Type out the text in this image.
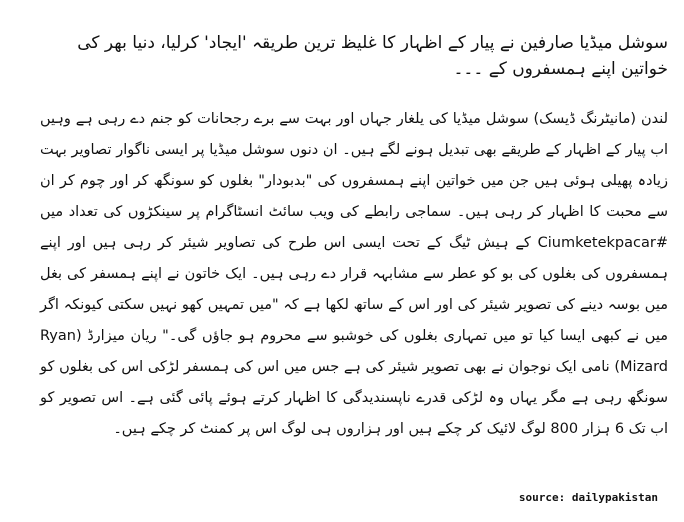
سوشل میڈیا صارفین نے پیار کے اظہار کا غلیظ ترین طریقہ 'ایجاد' کرلیا، دنیا بھر کی خواتین اپنے ہمسفروں کے ۔۔۔

لندن (مانیٹرنگ ڈیسک) سوشل میڈیا کی یلغار جہاں اور بہت سے برے رجحانات کو جنم دے رہی ہے وہیں اب پیار کے اظہار کے طریقے بھی تبدیل ہونے لگے ہیں۔ ان دنوں سوشل میڈیا پر ایسی ناگوار تصاویر بہت زیادہ پھیلی ہوئی ہیں جن میں خواتین اپنے ہمسفروں کی "بدبودار" بغلوں کو سونگھ کر اور چوم کر ان سے محبت کا اظہار کر رہی ہیں۔ سماجی رابطے کی ویب سائٹ انسٹاگرام پر سینکڑوں کی تعداد میں #Ciumketekpacar کے ہیش ٹیگ کے تحت ایسی اس طرح کی تصاویر شیئر کر رہی ہیں اور اپنے ہمسفروں کی بغلوں کی بو کو عطر سے مشابہہ قرار دے رہی ہیں۔ ایک خاتون نے اپنے ہمسفر کی بغل میں بوسہ دینے کی تصویر شیئر کی اور اس کے ساتھ لکھا ہے کہ "میں تمہیں کھو نہیں سکتی کیونکہ اگر میں نے کبھی ایسا کیا تو میں تمہاری بغلوں کی خوشبو سے محروم ہو جاؤں گی۔" ریان میزارڈ (Ryan Mizard) نامی ایک نوجوان نے بھی تصویر شیئر کی ہے جس میں اس کی ہمسفر لڑکی اس کی بغلوں کو سونگھ رہی ہے مگر یہاں وہ لڑکی قدرے ناپسندیدگی کا اظہار کرتے ہوئے پائی گئی ہے۔ اس تصویر کو اب تک 6 ہزار 800 لوگ لائیک کر چکے ہیں اور ہزاروں ہی لوگ اس پر کمنٹ کر چکے ہیں۔

source: dailypakistan
